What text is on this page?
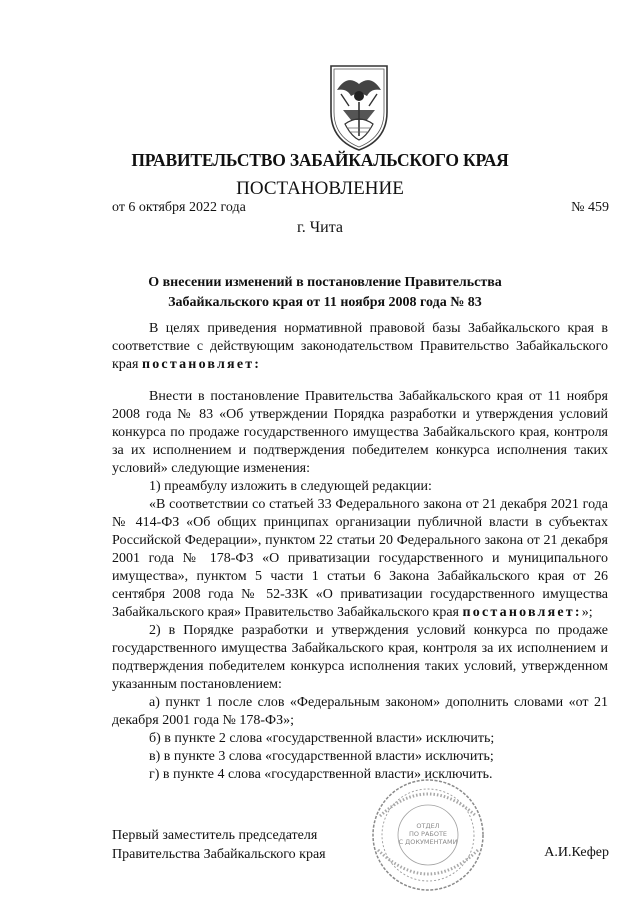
ПРАВИТЕЛЬСТВО ЗАБАЙКАЛЬСКОГО КРАЯ
ПОСТАНОВЛЕНИЕ
от 6 октября 2022 года	№ 459
г. Чита
О внесении изменений в постановление Правительства
Забайкальского края от 11 ноября 2008 года № 83

В целях приведения нормативной правовой базы Забайкальского края в соответствие с действующим законодательством Правительство Забайкальского края постановляет:

Внести в постановление Правительства Забайкальского края от 11 ноября 2008 года № 83 «Об утверждении Порядка разработки и утверждения условий конкурса по продаже государственного имущества Забайкальского края, контроля за их исполнением и подтверждения победителем конкурса исполнения таких условий» следующие изменения:

1) преамбулу изложить в следующей редакции:

«В соответствии со статьей 33 Федерального закона от 21 декабря 2021 года № 414-ФЗ «Об общих принципах организации публичной власти в субъектах Российской Федерации», пунктом 22 статьи 20 Федерального закона от 21 декабря 2001 года № 178-ФЗ «О приватизации государственного и муниципального имущества», пунктом 5 части 1 статьи 6 Закона Забайкальского края от 26 сентября 2008 года № 52-ЗЗК «О приватизации государственного имущества Забайкальского края» Правительство Забайкальского края постановляет:»;

2) в Порядке разработки и утверждения условий конкурса по продаже государственного имущества Забайкальского края, контроля за их исполнением и подтверждения победителем конкурса исполнения таких условий, утвержденном указанным постановлением:

а) пункт 1 после слов «Федеральным законом» дополнить словами «от 21 декабря 2001 года № 178-ФЗ»;

б) в пункте 2 слова «государственной власти» исключить;

в) в пункте 3 слова «государственной власти» исключить;

г) в пункте 4 слова «государственной власти» исключить.

ОТДЕЛ
ПО РАБОТЕ
С ДОКУМЕНТАМИ
Первый заместитель председателя
Правительства Забайкальского края	А.И.Кефер
